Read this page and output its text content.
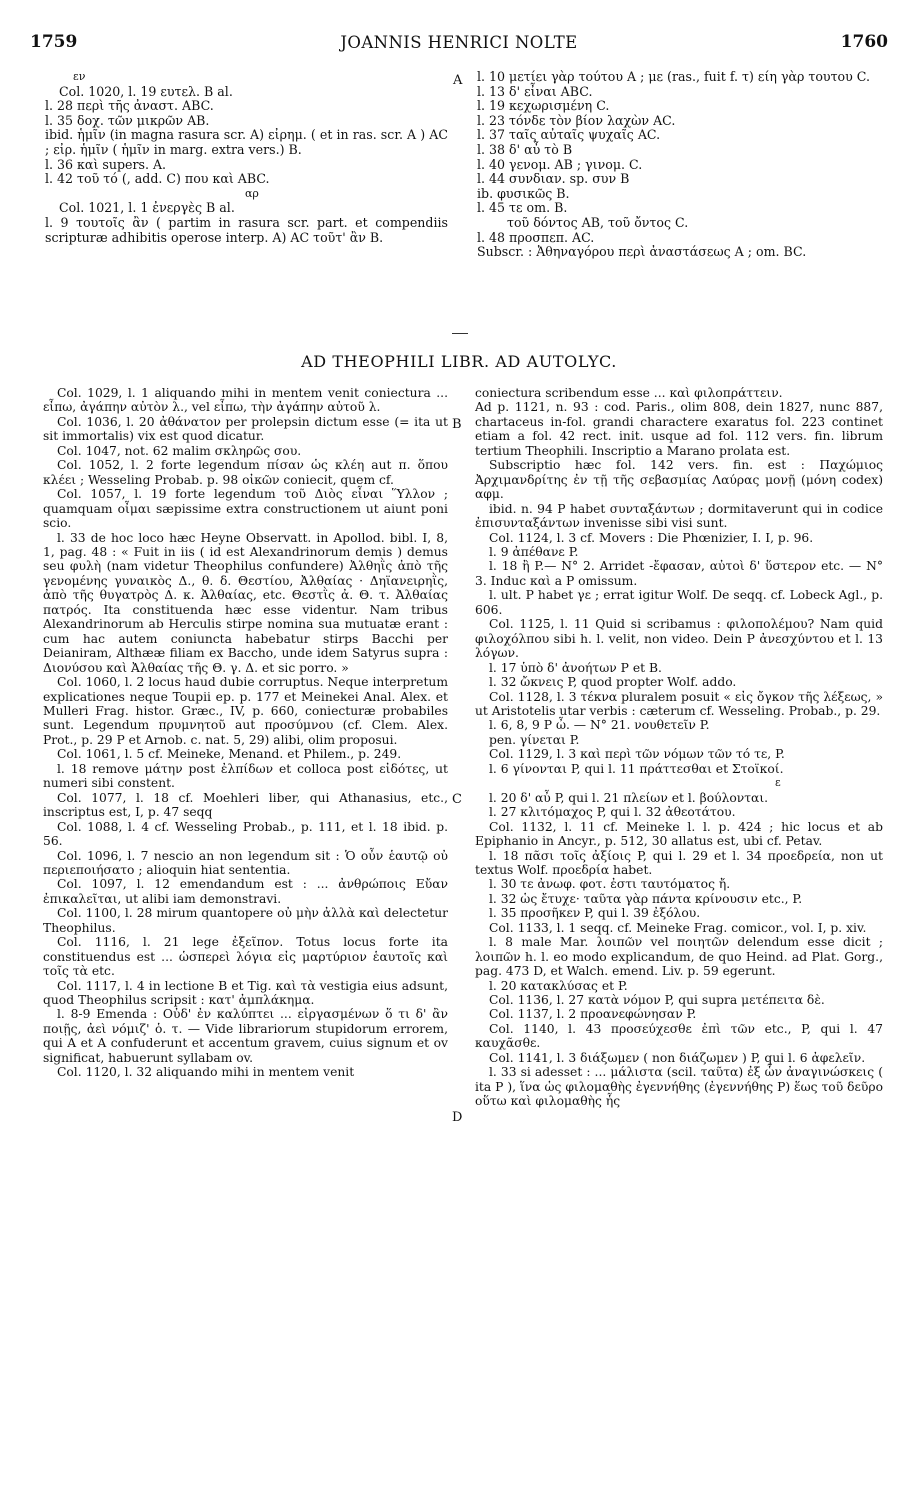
1759	JOANNIS HENRICI NOLTE	1760
A
B
C
D

εν

Col. 1020, l. 19 ευτελ. B al.

l. 28 περὶ τῆς ἀναστ. ABC.

l. 35 δοχ. τῶν μικρῶν AB.

ibid. ἡμῖν (in magna rasura scr. A) εἰρημ. ( et in ras. scr. A ) AC ; εἰρ. ἡμῖν ( ἡμῖν in marg. extra vers.) B.

l. 36 καὶ supers. A.

l. 42 τοῦ τό (, add. C) που καὶ ABC.

αρ

Col. 1021, l. 1 ἐνεργὲς B al.

l. 9 τουτοῖς ἂν ( partim in rasura scr. part. et compendiis scripturæ adhibitis operose interp. A) AC τοῦτ' ἂν B.

l. 10 μετίει γὰρ τούτου A ; με (ras., fuit f. τ) είη γὰρ τουτου C.

l. 13 δ' εἶναι ABC.

l. 19 κεχωρισμένη C.

l. 23 τόνδε τὸν βίον λαχὼν AC.

l. 37 ταῖς αὐταῖς ψυχαῖς AC.

l. 38 δ' αὖ τὸ B

l. 40 γενομ. AB ; γινομ. C.

l. 44 συνδιαν. sp. συν B

ib. φυσικῶς B.

l. 45 τε om. B.

τοῦ δόντος AB, τοῦ ὄντος C.

l. 48 προσπεπ. AC.

Subscr. : Ἀθηναγόρου περὶ ἀναστάσεως A ; om. BC.

AD THEOPHILI LIBR. AD AUTOLYC.

Col. 1029, l. 1 aliquando mihi in mentem venit coniectura ... εἶπω, ἀγάπην αὐτὸν λ., vel εἶπω, τὴν ἀγάπην αὐτοῦ λ.

Col. 1036, l. 20 ἀθάνατον per prolepsin dictum esse (= ita ut sit immortalis) vix est quod dicatur.

Col. 1047, not. 62 malim σκληρῶς σου.

Col. 1052, l. 2 forte legendum πίσαν ὡς κλέη aut π. ὅπου κλέει ; Wesseling Probab. p. 98 οἰκῶν coniecit, quem cf.

Col. 1057, l. 19 forte legendum τοῦ Διὸς εἶναι Ὕλλον ; quamquam οἶμαι sæpissime extra constructionem ut aiunt poni scio.

l. 33 de hoc loco hæc Heyne Observatt. in Apollod. bibl. I, 8, 1, pag. 48 : « Fuit in iis ( id est Alexandrinorum demis ) demus seu φυλὴ (nam videtur Theophilus confundere) Ἀλθηῒς ἀπὸ τῆς γενομένης γυναικὸς Δ., θ. δ. Θεστίου, Ἀλθαίας · Δηϊανειρηῒς, ἀπὸ τῆς θυγατρὸς Δ. κ. Ἀλθαίας, etc. Θεστῒς ἀ. Θ. τ. Ἀλθαίας πατρός. Ita constituenda hæc esse videntur. Nam tribus Alexandrinorum ab Herculis stirpe nomina sua mutuatæ erant : cum hac autem coniuncta habebatur stirps Bacchi per Deianiram, Althææ filiam ex Baccho, unde idem Satyrus supra : Διονύσου καὶ Ἀλθαίας τῆς Θ. γ. Δ. et sic porro. »

Col. 1060, l. 2 locus haud dubie corruptus. Neque interpretum explicationes neque Toupii ep. p. 177 et Meinekei Anal. Alex. et Mulleri Frag. histor. Græc., IV, p. 660, coniecturæ probabiles sunt. Legendum πρυμνητοῦ aut προσύμνου (cf. Clem. Alex. Prot., p. 29 P et Arnob. c. nat. 5, 29) alibi, olim proposui.

Col. 1061, l. 5 cf. Meineke, Menand. et Philem., p. 249.

l. 18 remove μάτην post ἐλπίδων et colloca post εἰδότες, ut numeri sibi constent.

Col. 1077, l. 18 cf. Moehleri liber, qui Athanasius, etc., inscriptus est, I, p. 47 seqq

Col. 1088, l. 4 cf. Wesseling Probab., p. 111, et l. 18 ibid. p. 56.

Col. 1096, l. 7 nescio an non legendum sit : Ὁ οὖν ἑαυτῷ οὐ περιεποιήσατο ; alioquin hiat sententia.

Col. 1097, l. 12 emendandum est : ... ἀνθρώποις Εὔαν ἐπικαλεῖται, ut alibi iam demonstravi.

Col. 1100, l. 28 mirum quantopere οὐ μὴν ἀλλὰ καὶ delectetur Theophilus.

Col. 1116, l. 21 lege ἐξεῖπον. Totus locus forte ita constituendus est ... ὡσπερεὶ λόγια εἰς μαρτύριον ἑαυτοῖς καὶ τοῖς τὰ etc.

Col. 1117, l. 4 in lectione B et Tig. καὶ τὰ vestigia eius adsunt, quod Theophilus scripsit : κατ' ἀμπλάκημα.

l. 8-9 Emenda : Οὐδ' ἐν καλύπτει ... εἰργασμένων ὅ τι δ' ἂν ποιῇς, ἀεὶ νόμιζ' ὁ. τ. — Vide librariorum stupidorum errorem, qui A et A confuderunt et accentum gravem, cuius signum et ov significat, habuerunt syllabam ov.

Col. 1120, l. 32 aliquando mihi in mentem venit

coniectura scribendum esse ... καὶ φιλοπράττειν.

Ad p. 1121, n. 93 : cod. Paris., olim 808, dein 1827, nunc 887, chartaceus in-fol. grandi charactere exaratus fol. 223 continet etiam a fol. 42 rect. init. usque ad fol. 112 vers. fin. librum tertium Theophili. Inscriptio a Marano prolata est.

Subscriptio hæc fol. 142 vers. fin. est : Παχώμιος Ἀρχιμανδρίτης ἐν τῇ τῆς σεβασμίας Λαύρας μονῇ (μόνη codex) αφμ.

ibid. n. 94 P habet συνταξάντων ; dormitaverunt qui in codice ἐπισυνταξάντων invenisse sibi visi sunt.

Col. 1124, l. 3 cf. Movers : Die Phœnizier, I. I, p. 96.

l. 9 ἀπέθανε P.

l. 18 ἢ P.— N° 2. Arridet -ἔφασαν, αὐτοὶ δ' ὕστερον etc. — N° 3. Induc καὶ a P omissum.

l. ult. P habet γε ; errat igitur Wolf. De seqq. cf. Lobeck Agl., p. 606.

Col. 1125, l. 11 Quid si scribamus : φιλοπολέμου? Nam quid φιλοχόλπου sibi h. l. velit, non video. Dein P ἀνεσχύντου et l. 13 λόγων.

l. 17 ὑπὸ δ' ἀνοήτων P et B.

l. 32 ὤκνεις P, quod propter Wolf. addo.

Col. 1128, l. 3 τέκνα pluralem posuit « εἰς ὄγκον τῆς λέξεως, » ut Aristotelis utar verbis : cæterum cf. Wesseling. Probab., p. 29.

l. 6, 8, 9 P ὦ. — N° 21. νουθετεῖν P.

pen. γίνεται P.

Col. 1129, l. 3 καὶ περὶ τῶν νόμων τῶν τό τε, P.

l. 6 γίνονται P, qui l. 11 πράττεσθαι et Στοϊκοί.

ε

l. 20 δ' αὖ P, qui l. 21 πλείων et l. βούλονται.

l. 27 κλιτόμαχος P, qui l. 32 ἀθεοτάτου.

Col. 1132, l. 11 cf. Meineke l. l. p. 424 ; hic locus et ab Epiphanio in Ancyr., p. 512, 30 allatus est, ubi cf. Petav.

l. 18 πᾶσι τοῖς ἀξίοις P, qui l. 29 et l. 34 προεδρεία, non ut textus Wolf. προεδρία habet.

l. 30 τε ἀνωφ. φοτ. ἐστι ταυτόματος ἤ.

l. 32 ὡς ἔτυχε· ταῦτα γὰρ πάντα κρίνουσιν etc., P.

l. 35 προσῆκεν P, qui l. 39 ἐξόλου.

Col. 1133, l. 1 seqq. cf. Meineke Frag. comicor., vol. I, p. xiv.

l. 8 male Mar. λοιπῶν vel ποιητῶν delendum esse dicit ; λοιπῶν h. l. eo modo explicandum, de quo Heind. ad Plat. Gorg., pag. 473 D, et Walch. emend. Liv. p. 59 egerunt.

l. 20 κατακλύσας et P.

Col. 1136, l. 27 κατὰ νόμον P, qui supra μετέπειτα δὲ.

Col. 1137, l. 2 προανεφώνησαν P.

Col. 1140, l. 43 προσεύχεσθε ἐπὶ τῶν etc., P, qui l. 47 καυχᾶσθε.

Col. 1141, l. 3 διάξωμεν ( non διάζωμεν ) P, qui l. 6 ἀφελεῖν.

l. 33 si adesset : ... μάλιστα (scil. ταῦτα) ἐξ ὧν ἀναγινώσκεις ( ita P ), ἵνα ὡς φιλομαθὴς ἐγεννήθης (ἐγεννήθης P) ἕως τοῦ δεῦρο οὕτω καὶ φιλομαθὴς ἧς
